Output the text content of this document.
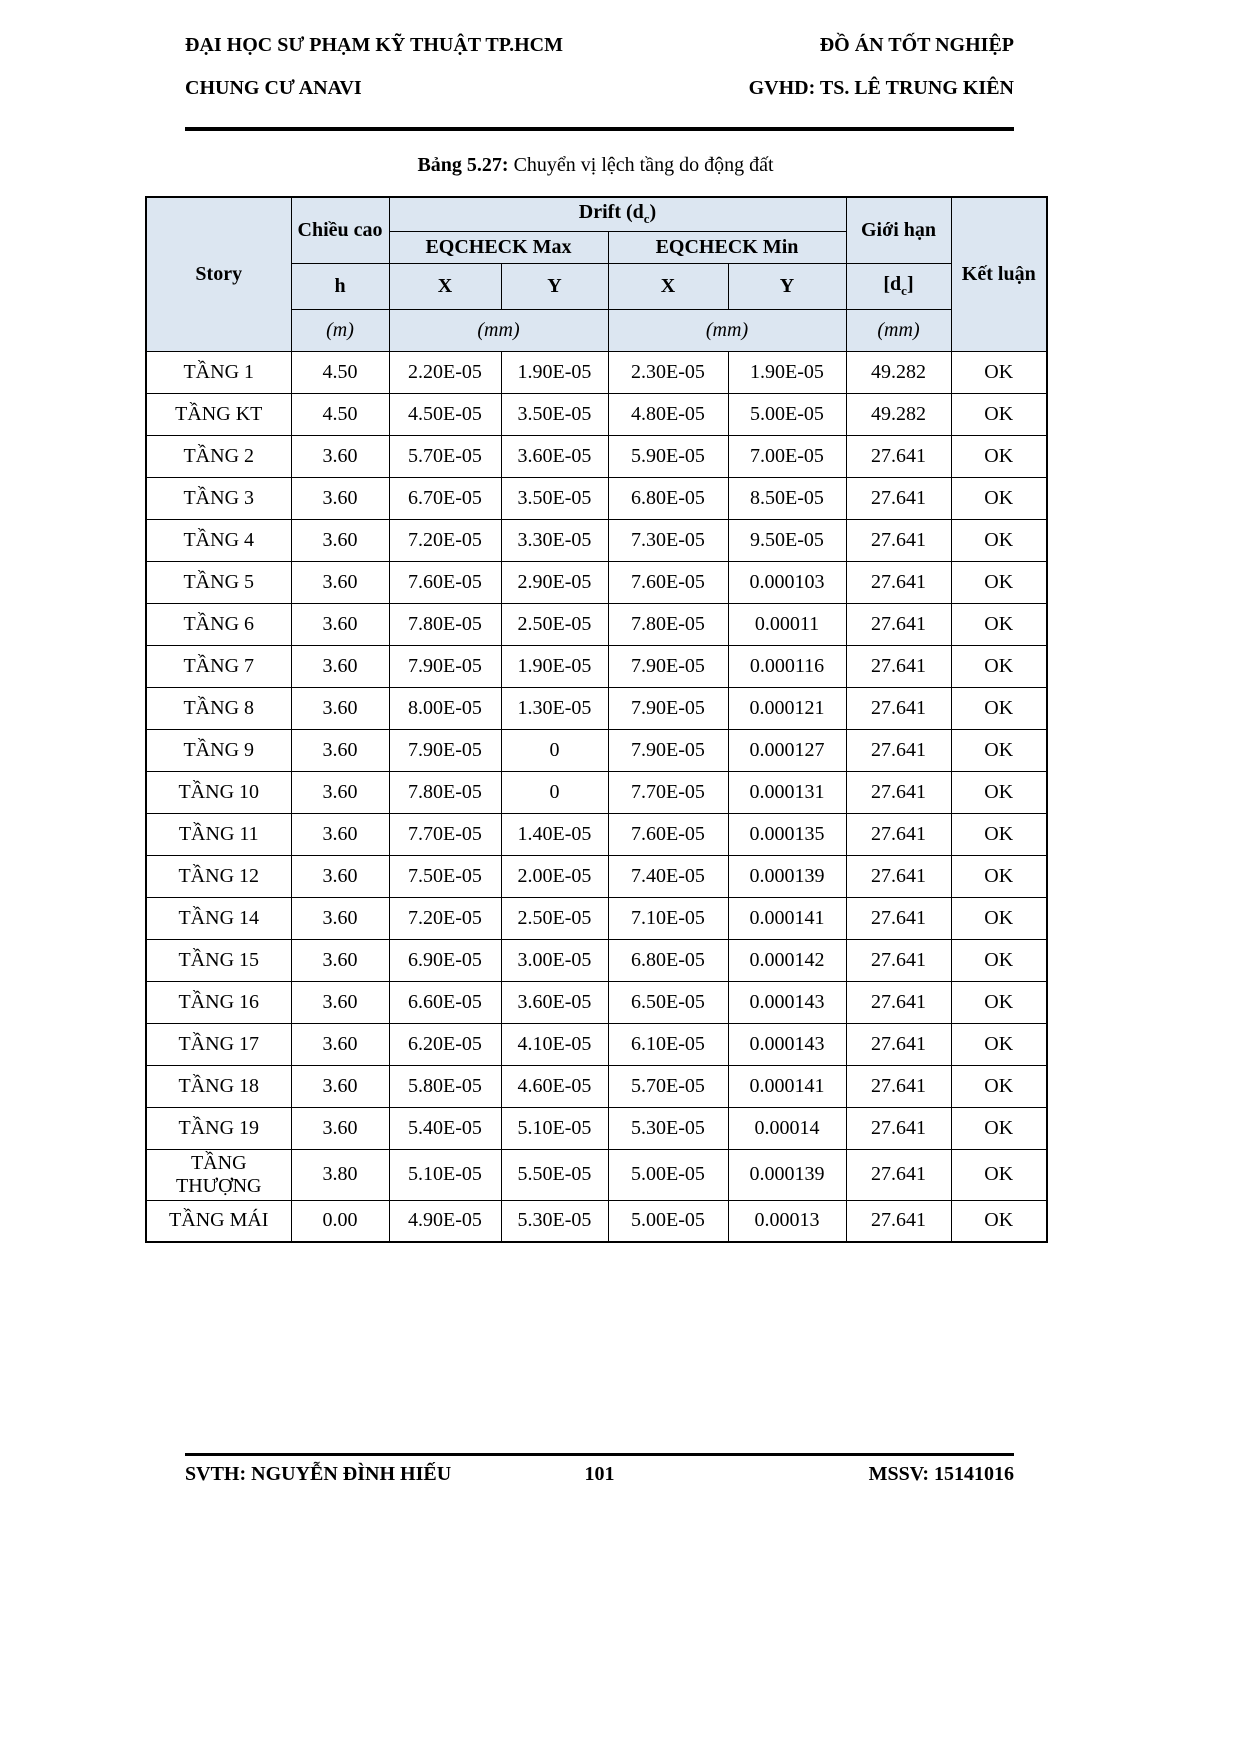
ĐẠI HỌC SƯ PHẠM KỸ THUẬT TP.HCM
CHUNG CƯ ANAVI
ĐỒ ÁN TỐT NGHIỆP
GVHD: TS. LÊ TRUNG KIÊN
Bảng 5.27: Chuyển vị lệch tầng do động đất
Story	Chiều cao	Drift $(d_c)$				Giới hạn	Kết luận
		EQCHECK Max		EQCHECK Min			
	h	X	Y	X	Y	$[d_c]$	
	(m)	(mm)		(mm)		(mm)	
TẦNG 1	4.50	2.20E-05	1.90E-05	2.30E-05	1.90E-05	49.282	OK
TẦNG KT	4.50	4.50E-05	3.50E-05	4.80E-05	5.00E-05	49.282	OK
TẦNG 2	3.60	5.70E-05	3.60E-05	5.90E-05	7.00E-05	27.641	OK
TẦNG 3	3.60	6.70E-05	3.50E-05	6.80E-05	8.50E-05	27.641	OK
TẦNG 4	3.60	7.20E-05	3.30E-05	7.30E-05	9.50E-05	27.641	OK
TẦNG 5	3.60	7.60E-05	2.90E-05	7.60E-05	0.000103	27.641	OK
TẦNG 6	3.60	7.80E-05	2.50E-05	7.80E-05	0.00011	27.641	OK
TẦNG 7	3.60	7.90E-05	1.90E-05	7.90E-05	0.000116	27.641	OK
TẦNG 8	3.60	8.00E-05	1.30E-05	7.90E-05	0.000121	27.641	OK
TẦNG 9	3.60	7.90E-05	0	7.90E-05	0.000127	27.641	OK
TẦNG 10	3.60	7.80E-05	0	7.70E-05	0.000131	27.641	OK
TẦNG 11	3.60	7.70E-05	1.40E-05	7.60E-05	0.000135	27.641	OK
TẦNG 12	3.60	7.50E-05	2.00E-05	7.40E-05	0.000139	27.641	OK
TẦNG 14	3.60	7.20E-05	2.50E-05	7.10E-05	0.000141	27.641	OK
TẦNG 15	3.60	6.90E-05	3.00E-05	6.80E-05	0.000142	27.641	OK
TẦNG 16	3.60	6.60E-05	3.60E-05	6.50E-05	0.000143	27.641	OK
TẦNG 17	3.60	6.20E-05	4.10E-05	6.10E-05	0.000143	27.641	OK
TẦNG 18	3.60	5.80E-05	4.60E-05	5.70E-05	0.000141	27.641	OK
TẦNG 19	3.60	5.40E-05	5.10E-05	5.30E-05	0.00014	27.641	OK
TẦNG THƯỢNG	3.80	5.10E-05	5.50E-05	5.00E-05	0.000139	27.641	OK
TẦNG MÁI	0.00	4.90E-05	5.30E-05	5.00E-05	0.00013	27.641	OK
SVTH: NGUYỄN ĐÌNH HIẾU	101	MSSV: 15141016
